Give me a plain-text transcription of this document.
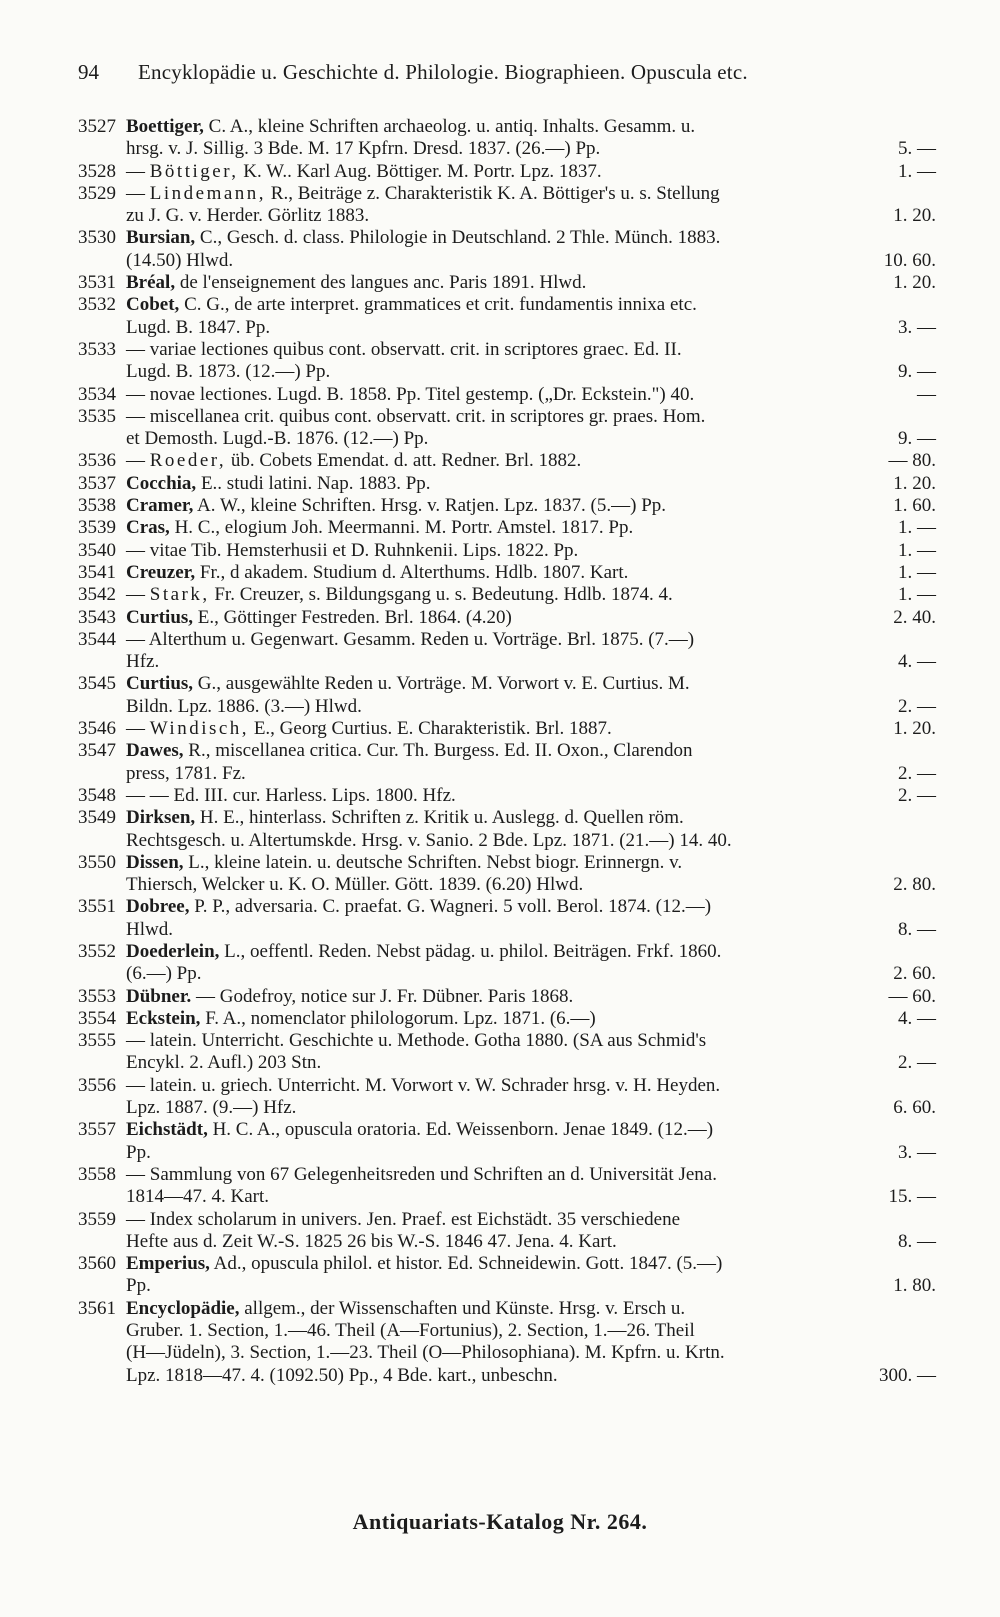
94	Encyklopädie u. Geschichte d. Philologie. Biographieen. Opuscula etc.
3527 Boettiger, C. A., kleine Schriften archaeolog. u. antiq. Inhalts. Gesamm. u.
hrsg. v. J. Sillig. 3 Bde. M. 17 Kpfrn. Dresd. 1837. (26.—) Pp.	5. —
3528 — Böttiger, K. W.. Karl Aug. Böttiger. M. Portr. Lpz. 1837.	1. —
3529 — Lindemann, R., Beiträge z. Charakteristik K. A. Böttiger's u. s. Stellung
zu J. G. v. Herder. Görlitz 1883.	1. 20.
3530 Bursian, C., Gesch. d. class. Philologie in Deutschland. 2 Thle. Münch. 1883.
(14.50) Hlwd.	10. 60.
3531 Bréal, de l'enseignement des langues anc. Paris 1891. Hlwd.	1. 20.
3532 Cobet, C. G., de arte interpret. grammatices et crit. fundamentis innixa etc.
Lugd. B. 1847. Pp.	3. —
3533 — variae lectiones quibus cont. observatt. crit. in scriptores graec. Ed. II.
Lugd. B. 1873. (12.—) Pp.	9. —
3534 — novae lectiones. Lugd. B. 1858. Pp. Titel gestemp. („Dr. Eckstein.") 40.	—
3535 — miscellanea crit. quibus cont. observatt. crit. in scriptores gr. praes. Hom.
et Demosth. Lugd.-B. 1876. (12.—) Pp.	9. —
3536 — Roeder, üb. Cobets Emendat. d. att. Redner. Brl. 1882.	— 80.
3537 Cocchia, E.. studi latini. Nap. 1883. Pp.	1. 20.
3538 Cramer, A. W., kleine Schriften. Hrsg. v. Ratjen. Lpz. 1837. (5.—) Pp.	1. 60.
3539 Cras, H. C., elogium Joh. Meermanni. M. Portr. Amstel. 1817. Pp.	1. —
3540 — vitae Tib. Hemsterhusii et D. Ruhnkenii. Lips. 1822. Pp.	1. —
3541 Creuzer, Fr., d akadem. Studium d. Alterthums. Hdlb. 1807. Kart.	1. —
3542 — Stark, Fr. Creuzer, s. Bildungsgang u. s. Bedeutung. Hdlb. 1874. 4.	1. —
3543 Curtius, E., Göttinger Festreden. Brl. 1864. (4.20)	2. 40.
3544 — Alterthum u. Gegenwart. Gesamm. Reden u. Vorträge. Brl. 1875. (7.—)
Hfz.	4. —
3545 Curtius, G., ausgewählte Reden u. Vorträge. M. Vorwort v. E. Curtius. M.
Bildn. Lpz. 1886. (3.—) Hlwd.	2. —
3546 — Windisch, E., Georg Curtius. E. Charakteristik. Brl. 1887.	1. 20.
3547 Dawes, R., miscellanea critica. Cur. Th. Burgess. Ed. II. Oxon., Clarendon
press, 1781. Fz.	2. —
3548 — — Ed. III. cur. Harless. Lips. 1800. Hfz.	2. —
3549 Dirksen, H. E., hinterlass. Schriften z. Kritik u. Auslegg. d. Quellen röm.
Rechtsgesch. u. Altertumskde. Hrsg. v. Sanio. 2 Bde. Lpz. 1871. (21.—) 14. 40.
3550 Dissen, L., kleine latein. u. deutsche Schriften. Nebst biogr. Erinnergn. v.
Thiersch, Welcker u. K. O. Müller. Gött. 1839. (6.20) Hlwd.	2. 80.
3551 Dobree, P. P., adversaria. C. praefat. G. Wagneri. 5 voll. Berol. 1874. (12.—)
Hlwd.	8. —
3552 Doederlein, L., oeffentl. Reden. Nebst pädag. u. philol. Beiträgen. Frkf. 1860.
(6.—) Pp.	2. 60.
3553 Dübner. — Godefroy, notice sur J. Fr. Dübner. Paris 1868.	— 60.
3554 Eckstein, F. A., nomenclator philologorum. Lpz. 1871. (6.—)	4. —
3555 — latein. Unterricht. Geschichte u. Methode. Gotha 1880. (SA aus Schmid's
Encykl. 2. Aufl.) 203 Stn.	2. —
3556 — latein. u. griech. Unterricht. M. Vorwort v. W. Schrader hrsg. v. H. Heyden.
Lpz. 1887. (9.—) Hfz.	6. 60.
3557 Eichstädt, H. C. A., opuscula oratoria. Ed. Weissenborn. Jenae 1849. (12.—)
Pp.	3. —
3558 — Sammlung von 67 Gelegenheitsreden und Schriften an d. Universität Jena.
1814—47. 4. Kart.	15. —
3559 — Index scholarum in univers. Jen. Praef. est Eichstädt. 35 verschiedene
Hefte aus d. Zeit W.-S. 1825 26 bis W.-S. 1846 47. Jena. 4. Kart.	8. —
3560 Emperius, Ad., opuscula philol. et histor. Ed. Schneidewin. Gott. 1847. (5.—)
Pp.	1. 80.
3561 Encyclopädie, allgem., der Wissenschaften und Künste. Hrsg. v. Ersch u.
Gruber. 1. Section, 1.—46. Theil (A—Fortunius), 2. Section, 1.—26. Theil
(H—Jüdeln), 3. Section, 1.—23. Theil (O—Philosophiana). M. Kpfrn. u. Krtn.
Lpz. 1818—47. 4. (1092.50) Pp., 4 Bde. kart., unbeschn.	300. —
Antiquariats-Katalog Nr. 264.
